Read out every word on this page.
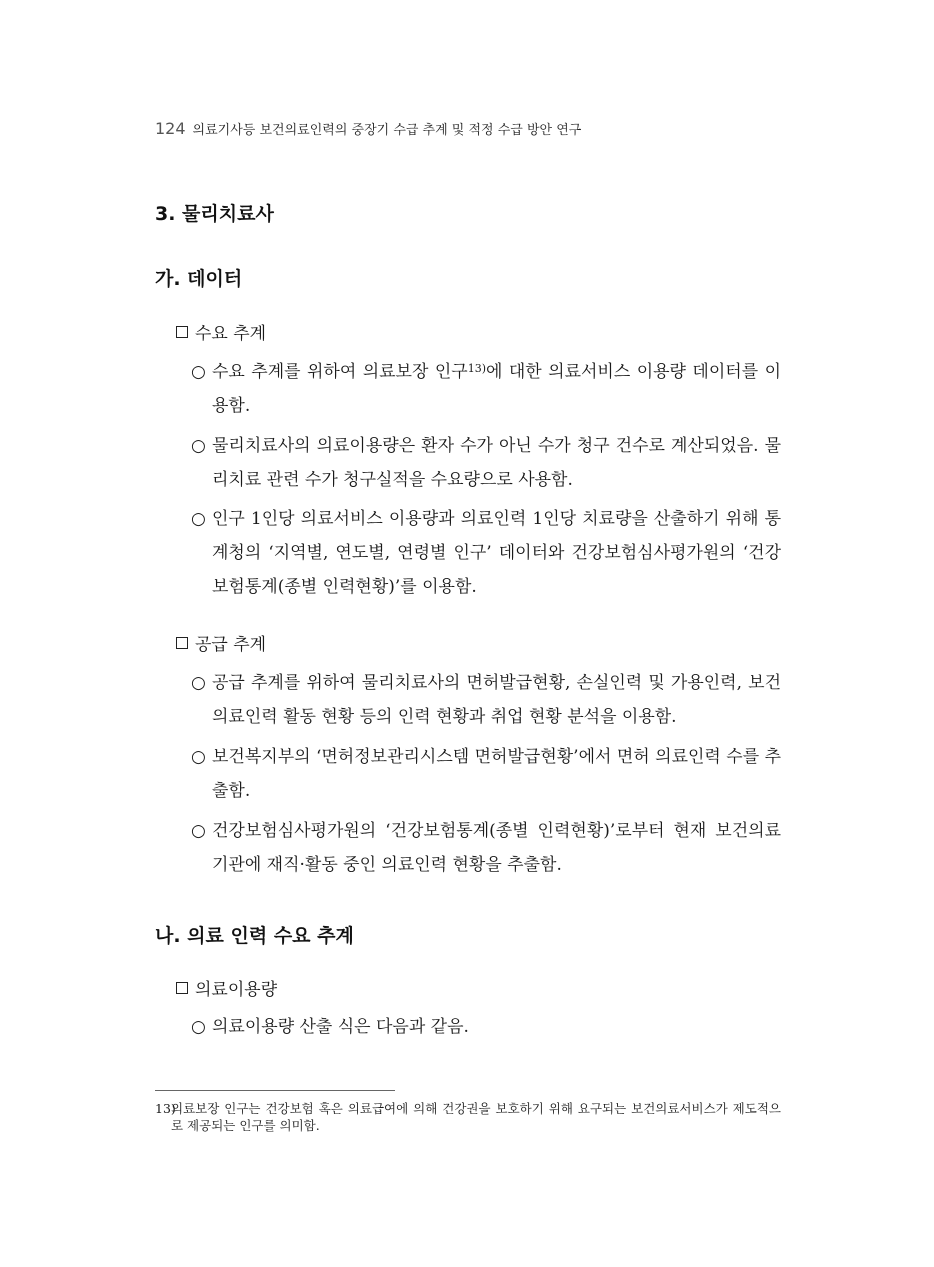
124 의료기사등 보건의료인력의 중장기 수급 추계 및 적정 수급 방안 연구
3. 물리치료사
가. 데이터
수요 추계
○ 수요 추계를 위하여 의료보장 인구$^{13)}$에 대한 의료서비스 이용량 데이터를 이용함.
○ 물리치료사의 의료이용량은 환자 수가 아닌 수가 청구 건수로 계산되었음. 물리치료 관련 수가 청구실적을 수요량으로 사용함.
○ 인구 1인당 의료서비스 이용량과 의료인력 1인당 치료량을 산출하기 위해 통계청의 ‘지역별, 연도별, 연령별 인구’ 데이터와 건강보험심사평가원의 ‘건강보험통계(종별 인력현황)’를 이용함.
공급 추계
○ 공급 추계를 위하여 물리치료사의 면허발급현황, 손실인력 및 가용인력, 보건의료인력 활동 현황 등의 인력 현황과 취업 현황 분석을 이용함.
○ 보건복지부의 ‘면허정보관리시스템 면허발급현황’에서 면허 의료인력 수를 추출함.
○ 건강보험심사평가원의 ‘건강보험통계(종별 인력현황)’로부터 현재 보건의료기관에 재직·활동 중인 의료인력 현황을 추출함.
나. 의료 인력 수요 추계
의료이용량
○ 의료이용량 산출 식은 다음과 같음.
13)
의료보장 인구는 건강보험 혹은 의료급여에 의해 건강권을 보호하기 위해 요구되는 보건의료서비스가 제도적으로 제공되는 인구를 의미함.
